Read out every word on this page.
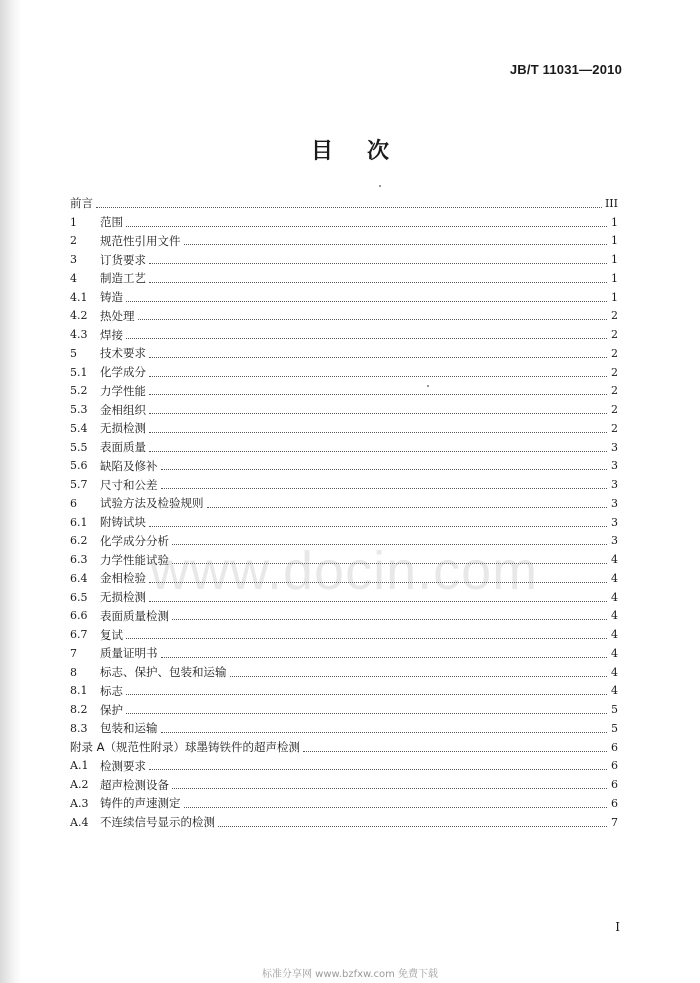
JB/T 11031—2010
目次
前言	III
1	范围	1
2	规范性引用文件	1
3	订货要求	1
4	制造工艺	1
4.1	铸造	1
4.2	热处理	2
4.3	焊接	2
5	技术要求	2
5.1	化学成分	2
5.2	力学性能	2
5.3	金相组织	2
5.4	无损检测	2
5.5	表面质量	3
5.6	缺陷及修补	3
5.7	尺寸和公差	3
6	试验方法及检验规则	3
6.1	附铸试块	3
6.2	化学成分分析	3
6.3	力学性能试验	4
6.4	金相检验	4
6.5	无损检测	4
6.6	表面质量检测	4
6.7	复试	4
7	质量证明书	4
8	标志、保护、包装和运输	4
8.1	标志	4
8.2	保护	5
8.3	包装和运输	5
附录 A（规范性附录）球墨铸铁件的超声检测	6
A.1	检测要求	6
A.2	超声检测设备	6
A.3	铸件的声速测定	6
A.4	不连续信号显示的检测	7
www.docin.com
I
标准分享网 www.bzfxw.com 免费下载
